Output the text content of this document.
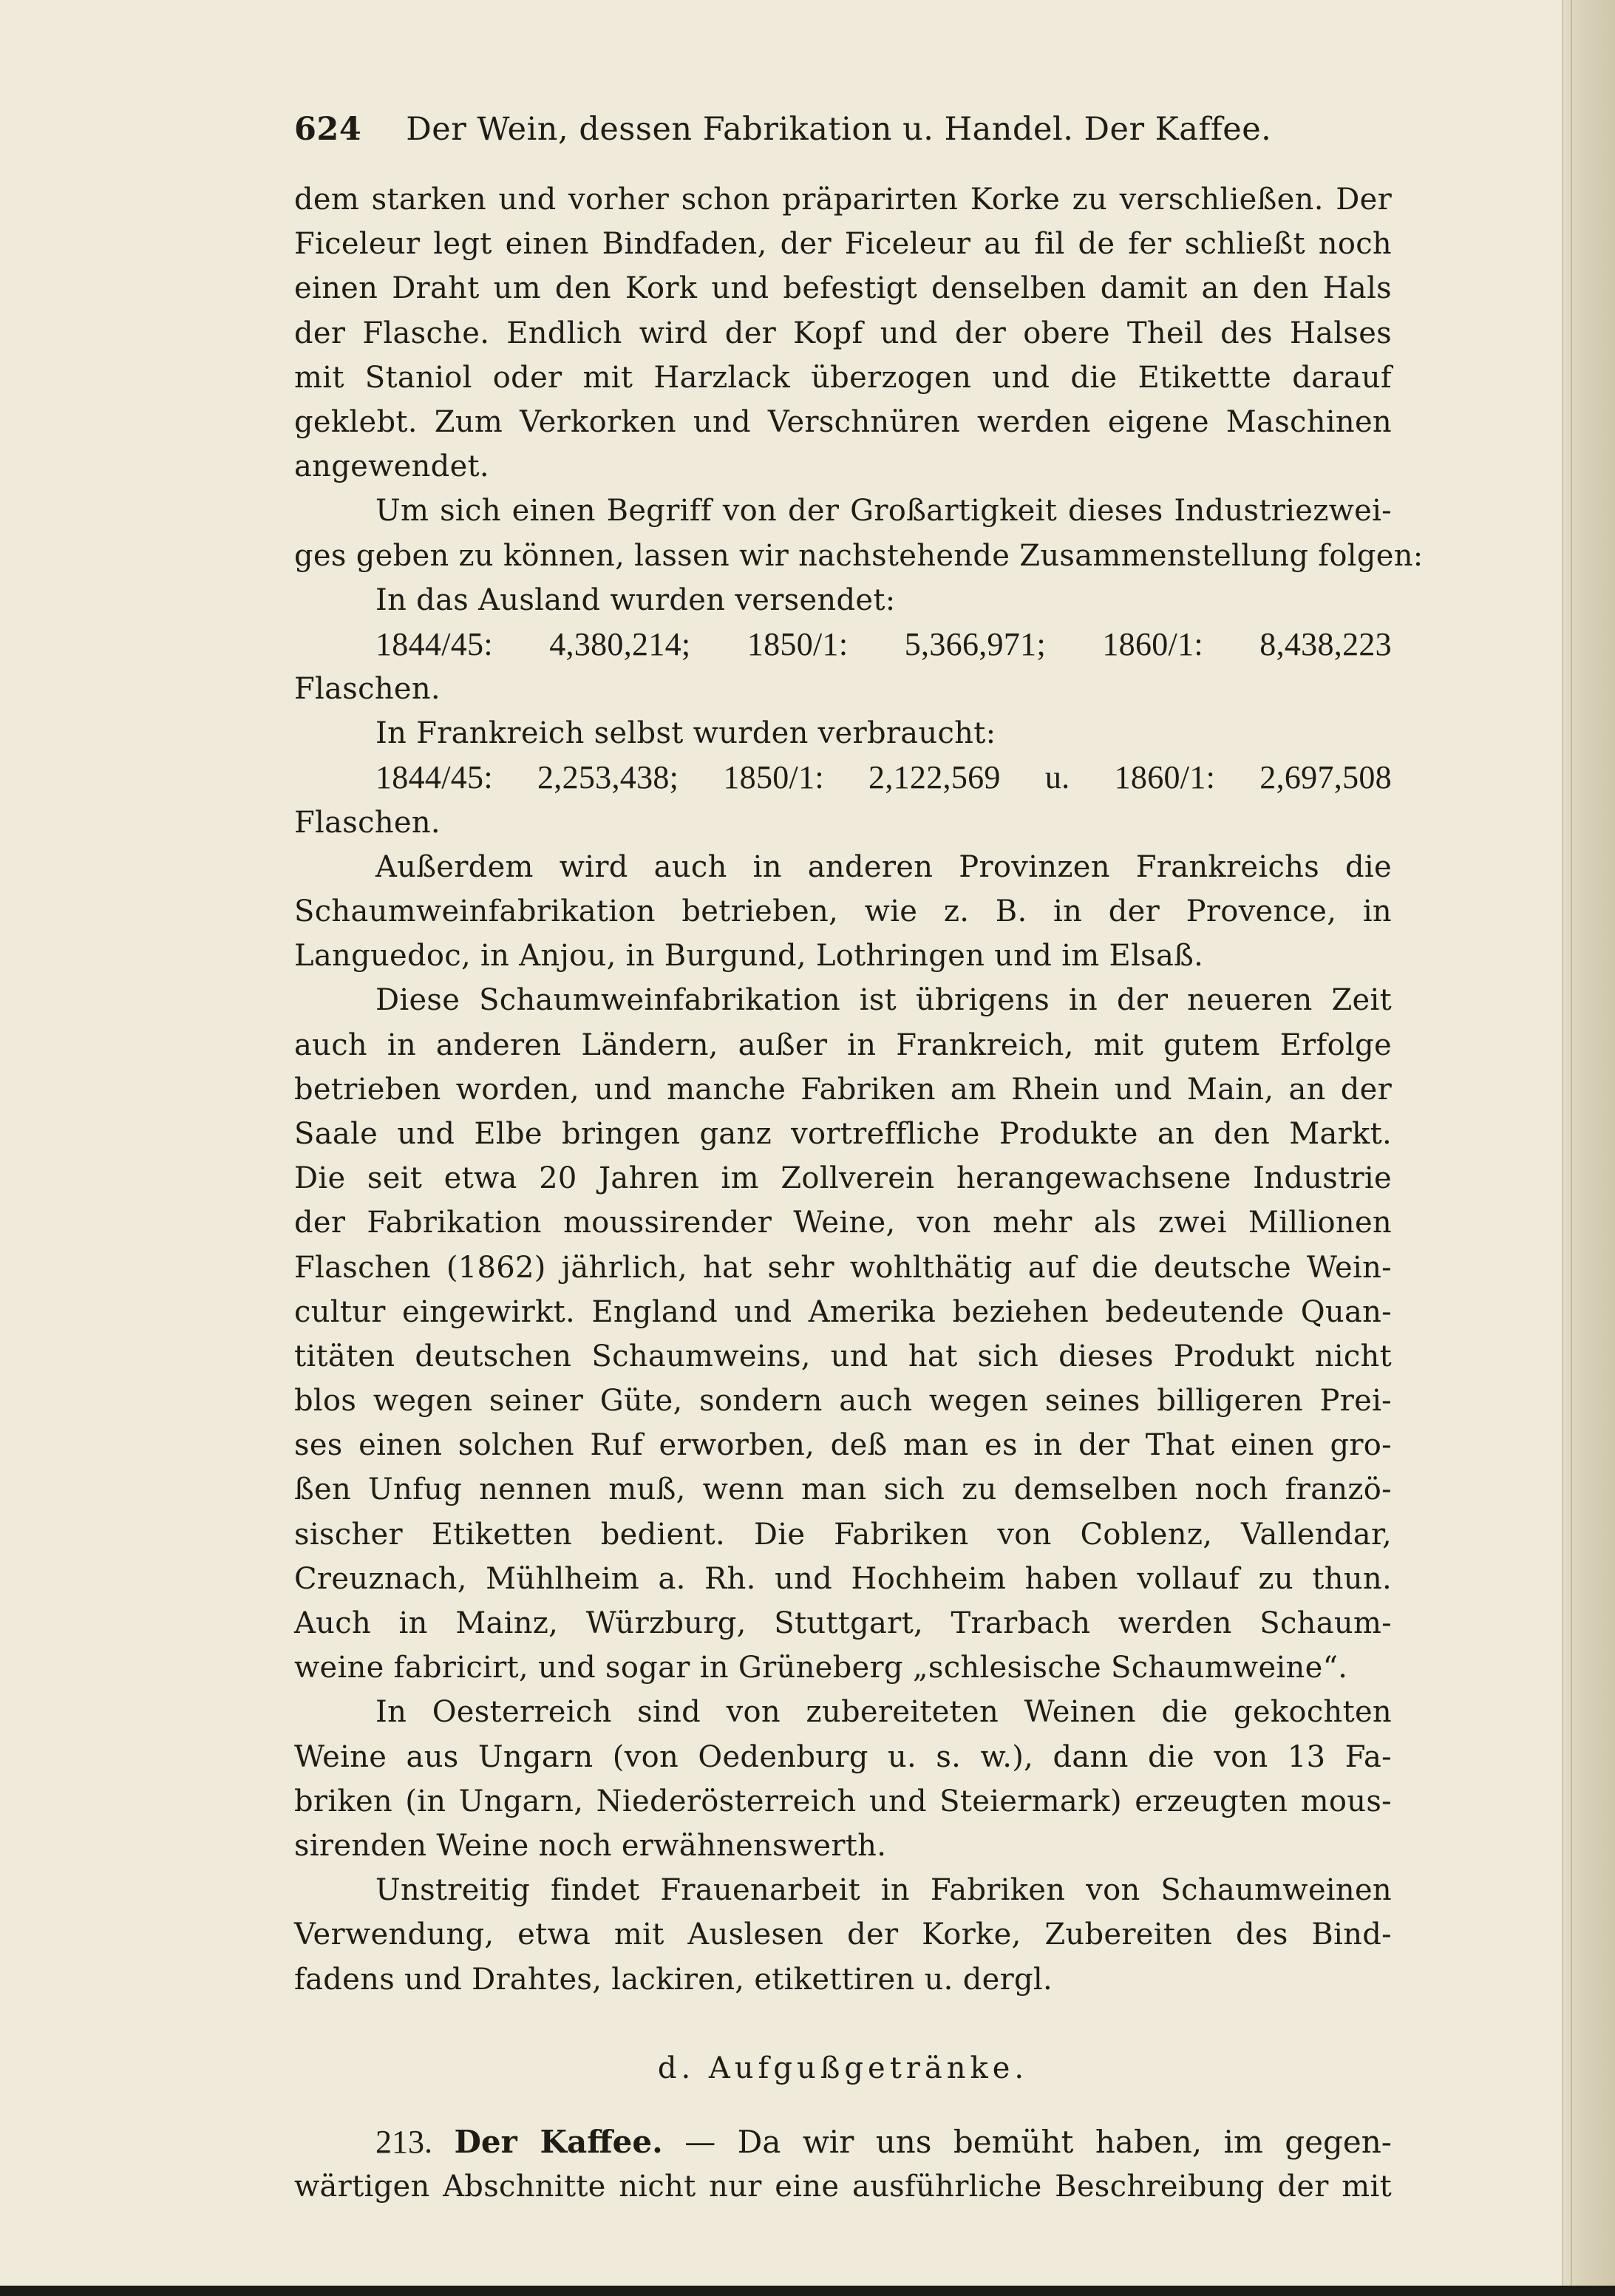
624 Der Wein, dessen Fabrikation u. Handel. Der Kaffee.
dem starken und vorher schon präparirten Korke zu verschließen. Der
Ficeleur legt einen Bindfaden, der Ficeleur au fil de fer schließt noch
einen Draht um den Kork und befestigt denselben damit an den Hals
der Flasche. Endlich wird der Kopf und der obere Theil des Halses
mit Staniol oder mit Harzlack überzogen und die Etikettte darauf
geklebt. Zum Verkorken und Verschnüren werden eigene Maschinen
angewendet.
Um sich einen Begriff von der Großartigkeit dieses Industriezwei-
ges geben zu können, lassen wir nachstehende Zusammenstellung folgen:
In das Ausland wurden versendet:
1844/45: 4,380,214; 1850/1: 5,366,971; 1860/1: 8,438,223
Flaschen.
In Frankreich selbst wurden verbraucht:
1844/45: 2,253,438; 1850/1: 2,122,569 u. 1860/1: 2,697,508
Flaschen.
Außerdem wird auch in anderen Provinzen Frankreichs die
Schaumweinfabrikation betrieben, wie z. B. in der Provence, in
Languedoc, in Anjou, in Burgund, Lothringen und im Elsaß.
Diese Schaumweinfabrikation ist übrigens in der neueren Zeit
auch in anderen Ländern, außer in Frankreich, mit gutem Erfolge
betrieben worden, und manche Fabriken am Rhein und Main, an der
Saale und Elbe bringen ganz vortreffliche Produkte an den Markt.
Die seit etwa 20 Jahren im Zollverein herangewachsene Industrie
der Fabrikation moussirender Weine, von mehr als zwei Millionen
Flaschen (1862) jährlich, hat sehr wohlthätig auf die deutsche Wein-
cultur eingewirkt. England und Amerika beziehen bedeutende Quan-
titäten deutschen Schaumweins, und hat sich dieses Produkt nicht
blos wegen seiner Güte, sondern auch wegen seines billigeren Prei-
ses einen solchen Ruf erworben, deß man es in der That einen gro-
ßen Unfug nennen muß, wenn man sich zu demselben noch franzö-
sischer Etiketten bedient. Die Fabriken von Coblenz, Vallendar,
Creuznach, Mühlheim a. Rh. und Hochheim haben vollauf zu thun.
Auch in Mainz, Würzburg, Stuttgart, Trarbach werden Schaum-
weine fabricirt, und sogar in Grüneberg „schlesische Schaumweine“.
In Oesterreich sind von zubereiteten Weinen die gekochten
Weine aus Ungarn (von Oedenburg u. s. w.), dann die von 13 Fa-
briken (in Ungarn, Niederösterreich und Steiermark) erzeugten mous-
sirenden Weine noch erwähnenswerth.
Unstreitig findet Frauenarbeit in Fabriken von Schaumweinen
Verwendung, etwa mit Auslesen der Korke, Zubereiten des Bind-
fadens und Drahtes, lackiren, etikettiren u. dergl.
d. Aufgußgetränke.
213. Der Kaffee. — Da wir uns bemüht haben, im gegen-
wärtigen Abschnitte nicht nur eine ausführliche Beschreibung der mit
